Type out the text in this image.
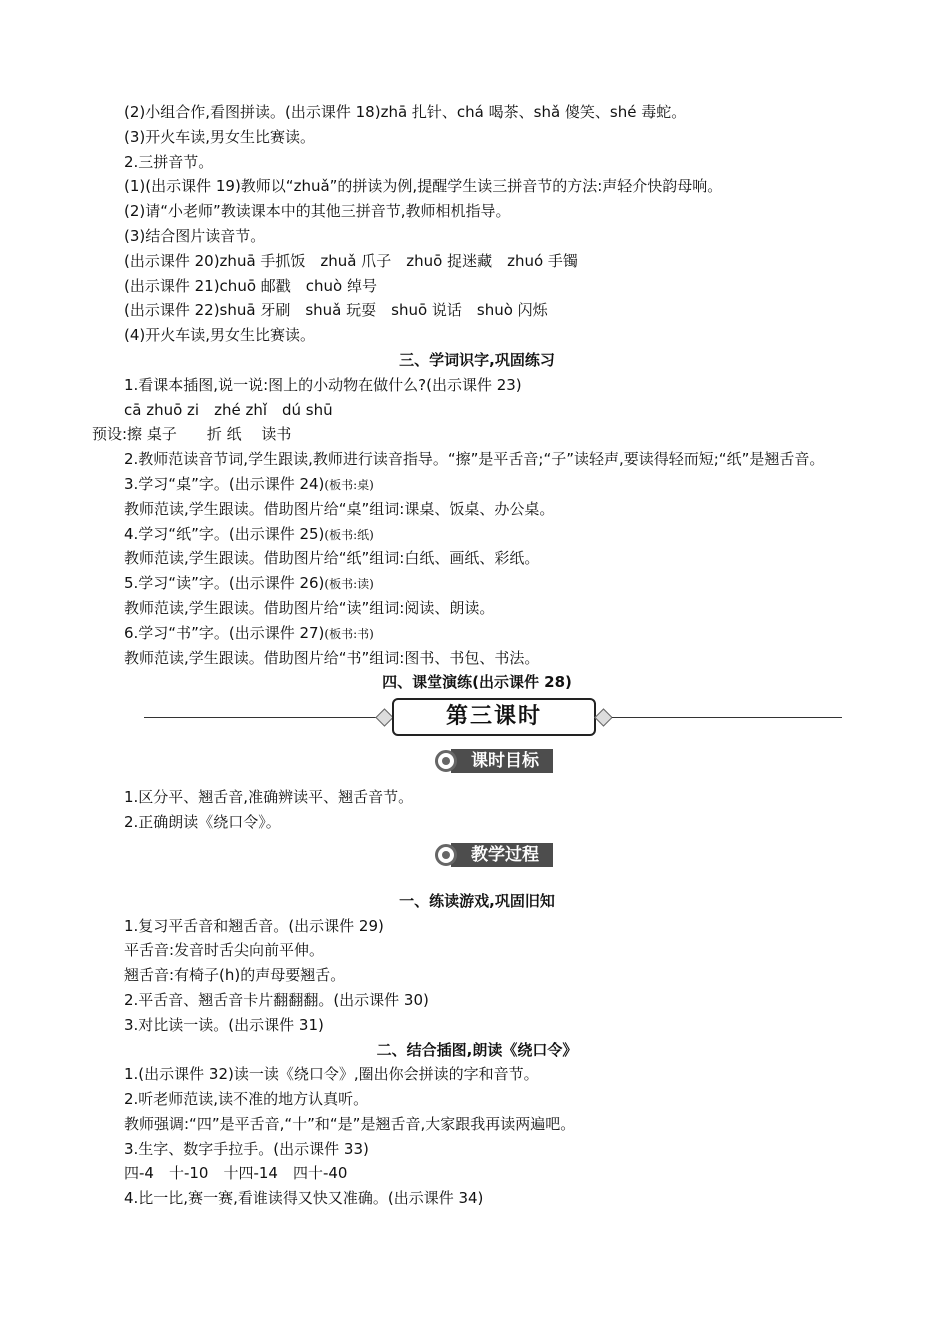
(2)小组合作,看图拼读。(出示课件 18)zhā 扎针、chá 喝茶、shǎ 傻笑、shé 毒蛇。
(3)开火车读,男女生比赛读。
2.三拼音节。
(1)(出示课件 19)教师以“zhuǎ”的拼读为例,提醒学生读三拼音节的方法:声轻介快韵母响。
(2)请“小老师”教读课本中的其他三拼音节,教师相机指导。
(3)结合图片读音节。
(出示课件 20)zhuā 手抓饭　zhuǎ 爪子　zhuō 捉迷藏　zhuó 手镯
(出示课件 21)chuō 邮戳　chuò 绰号
(出示课件 22)shuā 牙刷　shuǎ 玩耍　shuō 说话　shuò 闪烁
(4)开火车读,男女生比赛读。
三、学词识字,巩固练习
1.看课本插图,说一说:图上的小动物在做什么?(出示课件 23)
cā zhuō zi　zhé zhǐ　dú shū
预设:擦 桌子　　折 纸　 读书
2.教师范读音节词,学生跟读,教师进行读音指导。“擦”是平舌音;“子”读轻声,要读得轻而短;“纸”是翘舌音。
3.学习“桌”字。(出示课件 24)(板书:桌)
教师范读,学生跟读。借助图片给“桌”组词:课桌、饭桌、办公桌。
4.学习“纸”字。(出示课件 25)(板书:纸)
教师范读,学生跟读。借助图片给“纸”组词:白纸、画纸、彩纸。
5.学习“读”字。(出示课件 26)(板书:读)
教师范读,学生跟读。借助图片给“读”组词:阅读、朗读。
6.学习“书”字。(出示课件 27)(板书:书)
教师范读,学生跟读。借助图片给“书”组词:图书、书包、书法。
四、课堂演练(出示课件 28)
第三课时
课时目标
1.区分平、翘舌音,准确辨读平、翘舌音节。
2.正确朗读《绕口令》。
教学过程
一、练读游戏,巩固旧知
1.复习平舌音和翘舌音。(出示课件 29)
平舌音:发音时舌尖向前平伸。
翘舌音:有椅子(h)的声母要翘舌。
2.平舌音、翘舌音卡片翻翻翻。(出示课件 30)
3.对比读一读。(出示课件 31)
二、结合插图,朗读《绕口令》
1.(出示课件 32)读一读《绕口令》,圈出你会拼读的字和音节。
2.听老师范读,读不准的地方认真听。
教师强调:“四”是平舌音,“十”和“是”是翘舌音,大家跟我再读两遍吧。
3.生字、数字手拉手。(出示课件 33)
四-4　十-10　十四-14　四十-40
4.比一比,赛一赛,看谁读得又快又准确。(出示课件 34)
